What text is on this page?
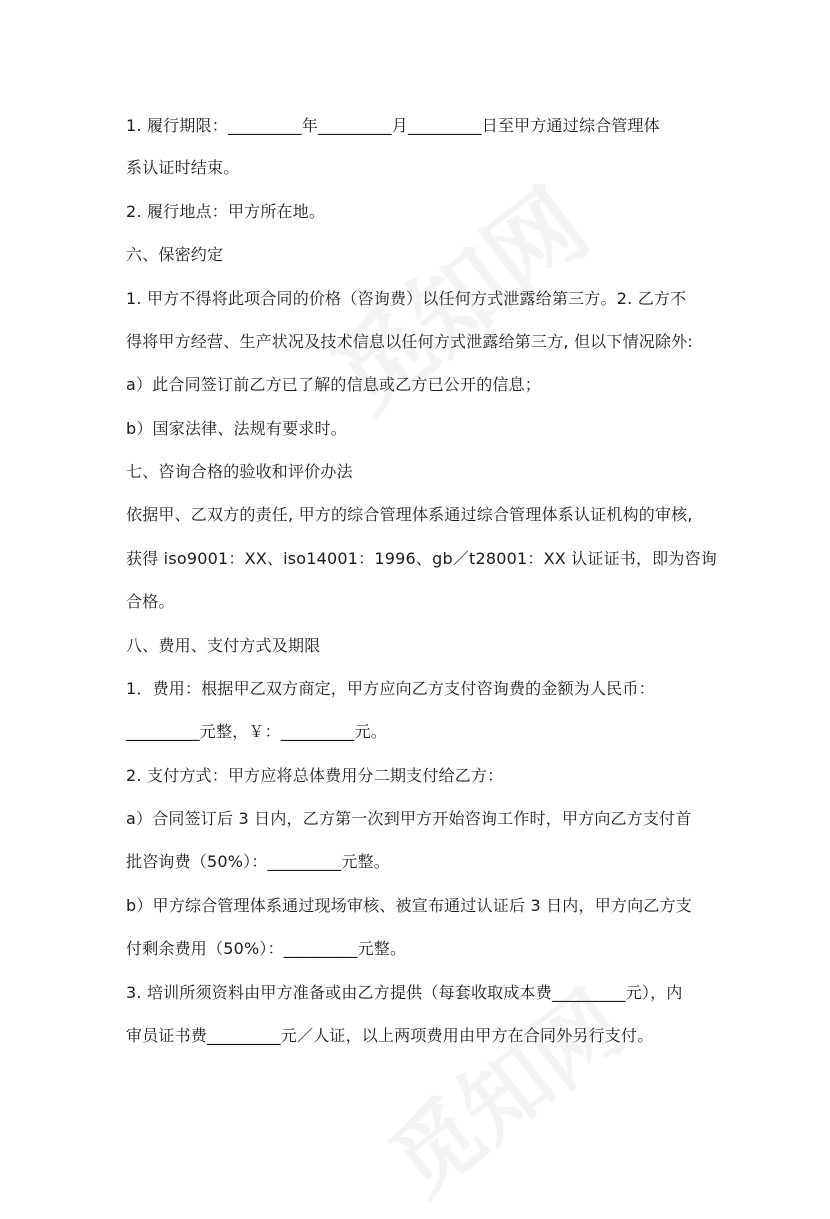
1. 履行期限：_________年_________月_________日至甲方通过综合管理体
系认证时结束。
2. 履行地点：甲方所在地。
六、保密约定
1. 甲方不得将此项合同的价格（咨询费）以任何方式泄露给第三方。2. 乙方不
得将甲方经营、生产状况及技术信息以任何方式泄露给第三方, 但以下情况除外:
a）此合同签订前乙方已了解的信息或乙方已公开的信息；
b）国家法律、法规有要求时。
七、咨询合格的验收和评价办法
依据甲、乙双方的责任, 甲方的综合管理体系通过综合管理体系认证机构的审核,
获得 iso9001：XX、iso14001：1996、gb／t28001：XX 认证证书，即为咨询
合格。
八、费用、支付方式及期限
1．费用：根据甲乙双方商定，甲方应向乙方支付咨询费的金额为人民币：
_________元整，￥：_________元。
2. 支付方式：甲方应将总体费用分二期支付给乙方：
a）合同签订后 3 日内，乙方第一次到甲方开始咨询工作时，甲方向乙方支付首
批咨询费（50%）：_________元整。
b）甲方综合管理体系通过现场审核、被宣布通过认证后 3 日内，甲方向乙方支
付剩余费用（50%）：_________元整。
3. 培训所须资料由甲方准备或由乙方提供（每套收取成本费_________元），内
审员证书费_________元／人证，以上两项费用由甲方在合同外另行支付。
